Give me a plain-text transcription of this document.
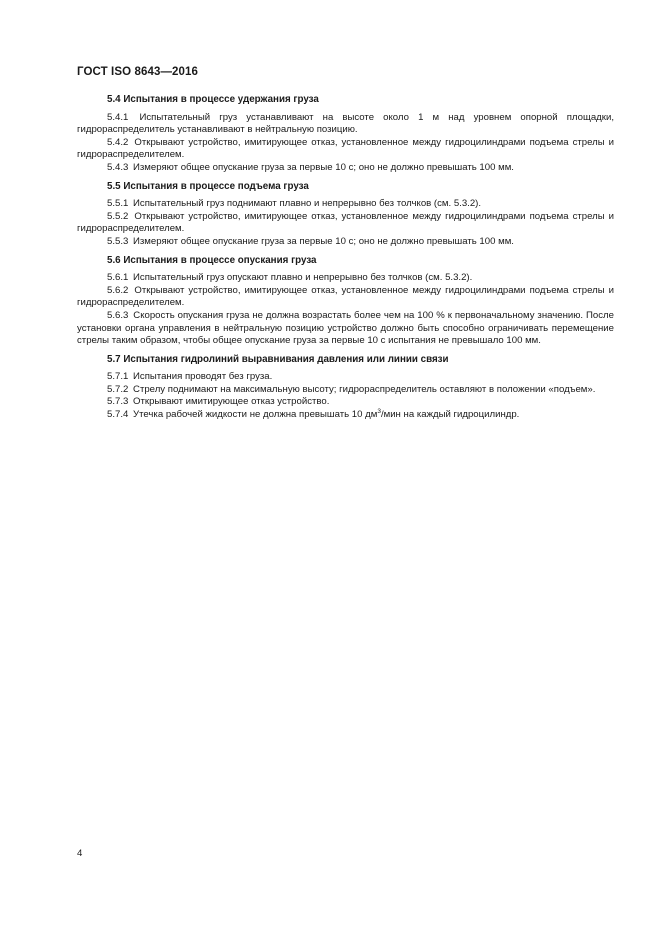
ГОСТ ISO 8643—2016
5.4 Испытания в процессе удержания груза

5.4.1 Испытательный груз устанавливают на высоте около 1 м над уровнем опорной площадки, гидрораспределитель устанавливают в нейтральную позицию.

5.4.2 Открывают устройство, имитирующее отказ, установленное между гидроцилиндрами подъема стрелы и гидрораспределителем.

5.4.3 Измеряют общее опускание груза за первые 10 с; оно не должно превышать 100 мм.

5.5 Испытания в процессе подъема груза

5.5.1 Испытательный груз поднимают плавно и непрерывно без толчков (см. 5.3.2).

5.5.2 Открывают устройство, имитирующее отказ, установленное между гидроцилиндрами подъема стрелы и гидрораспределителем.

5.5.3 Измеряют общее опускание груза за первые 10 с; оно не должно превышать 100 мм.

5.6 Испытания в процессе опускания груза

5.6.1 Испытательный груз опускают плавно и непрерывно без толчков (см. 5.3.2).

5.6.2 Открывают устройство, имитирующее отказ, установленное между гидроцилиндрами подъема стрелы и гидрораспределителем.

5.6.3 Скорость опускания груза не должна возрастать более чем на 100 % к первоначальному значению. После установки органа управления в нейтральную позицию устройство должно быть способно ограничивать перемещение стрелы таким образом, чтобы общее опускание груза за первые 10 с испытания не превышало 100 мм.

5.7 Испытания гидролиний выравнивания давления или линии связи

5.7.1 Испытания проводят без груза.

5.7.2 Стрелу поднимают на максимальную высоту; гидрораспределитель оставляют в положении «подъем».

5.7.3 Открывают имитирующее отказ устройство.

5.7.4 Утечка рабочей жидкости не должна превышать 10 $дм^3$/мин на каждый гидроцилиндр.

4
